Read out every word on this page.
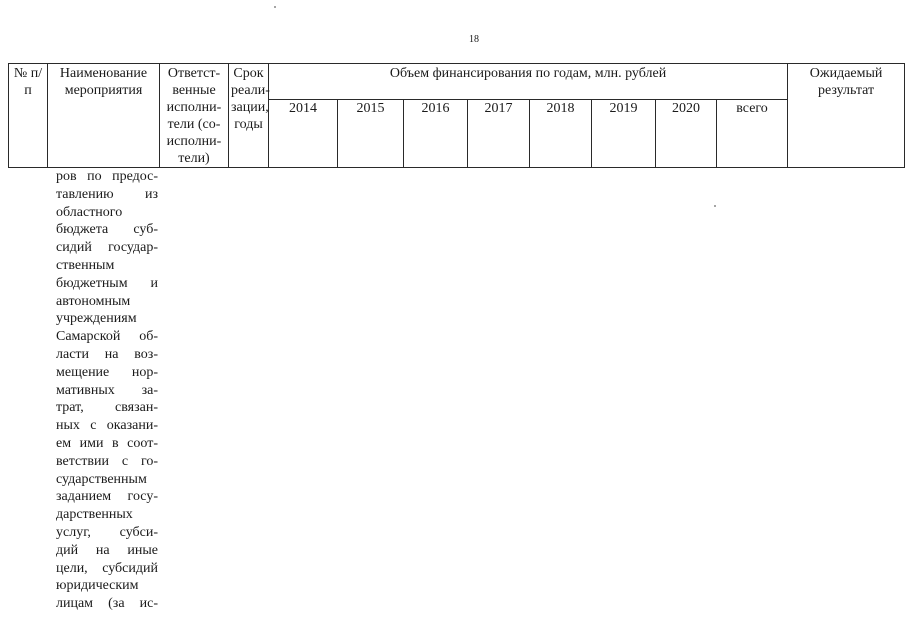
18
№ п/п	Наименование мероприятия	Ответст-венные исполни-тели (со-исполни-тели)	Срок реали-зации, годы	Объем финансирования по годам, млн. рублей								Ожидаемый результат
				2014	2015	2016	2017	2018	2019	2020	всего	
ров по предос-
тавлению из
областного
бюджета суб-
сидий государ-
ственным
бюджетным и
автономным
учреждениям
Самарской об-
ласти на воз-
мещение нор-
мативных за-
трат, связан-
ных с оказани-
ем ими в соот-
ветствии с го-
сударственным
заданием госу-
дарственных
услуг, субси-
дий на иные
цели, субсидий
юридическим
лицам (за ис-
